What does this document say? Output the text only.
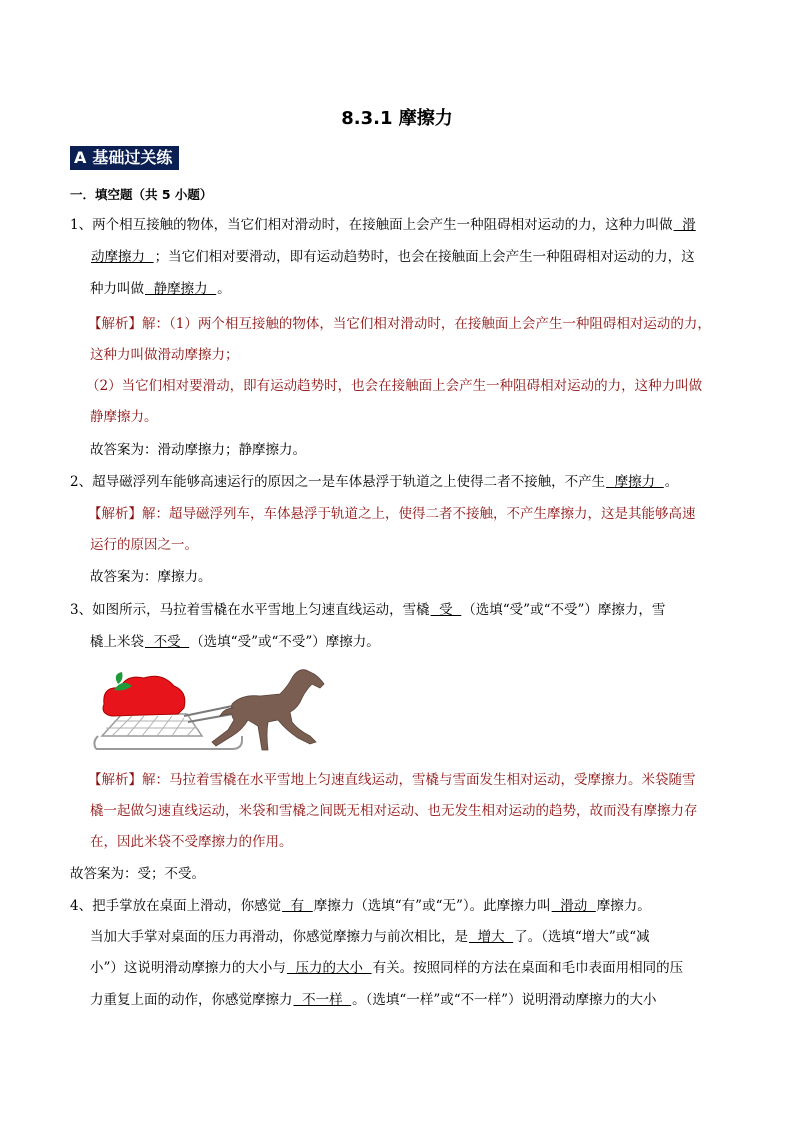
8.3.1 摩擦力
A 基础过关练
一．填空题（共 5 小题）
1、两个相互接触的物体，当它们相对滑动时，在接触面上会产生一种阻碍相对运动的力，这种力叫做  滑
动摩擦力  ；当它们相对要滑动，即有运动趋势时，也会在接触面上会产生一种阻碍相对运动的力，这
种力叫做  静摩擦力  。
【解析】解：（1）两个相互接触的物体，当它们相对滑动时，在接触面上会产生一种阻碍相对运动的力，
这种力叫做滑动摩擦力；
（2）当它们相对要滑动，即有运动趋势时，也会在接触面上会产生一种阻碍相对运动的力，这种力叫做
静摩擦力。
故答案为：滑动摩擦力；静摩擦力。
2、超导磁浮列车能够高速运行的原因之一是车体悬浮于轨道之上使得二者不接触，不产生  摩擦力  。
【解析】解：超导磁浮列车，车体悬浮于轨道之上，使得二者不接触，不产生摩擦力，这是其能够高速
运行的原因之一。
故答案为：摩擦力。
3、如图所示，马拉着雪橇在水平雪地上匀速直线运动，雪橇  受  （选填“受”或“不受”）摩擦力，雪
橇上米袋  不受  （选填“受”或“不受”）摩擦力。
【解析】解：马拉着雪橇在水平雪地上匀速直线运动，雪橇与雪面发生相对运动，受摩擦力。米袋随雪
橇一起做匀速直线运动，米袋和雪橇之间既无相对运动、也无发生相对运动的趋势，故而没有摩擦力存
在，因此米袋不受摩擦力的作用。
故答案为：受；不受。
4、把手掌放在桌面上滑动，你感觉  有  摩擦力（选填“有”或“无”）。此摩擦力叫  滑动  摩擦力。
当加大手掌对桌面的压力再滑动，你感觉摩擦力与前次相比，是  增大  了。（选填“增大”或“减
小”）这说明滑动摩擦力的大小与  压力的大小  有关。按照同样的方法在桌面和毛巾表面用相同的压
力重复上面的动作，你感觉摩擦力  不一样  。（选填“一样”或“不一样”）说明滑动摩擦力的大小
